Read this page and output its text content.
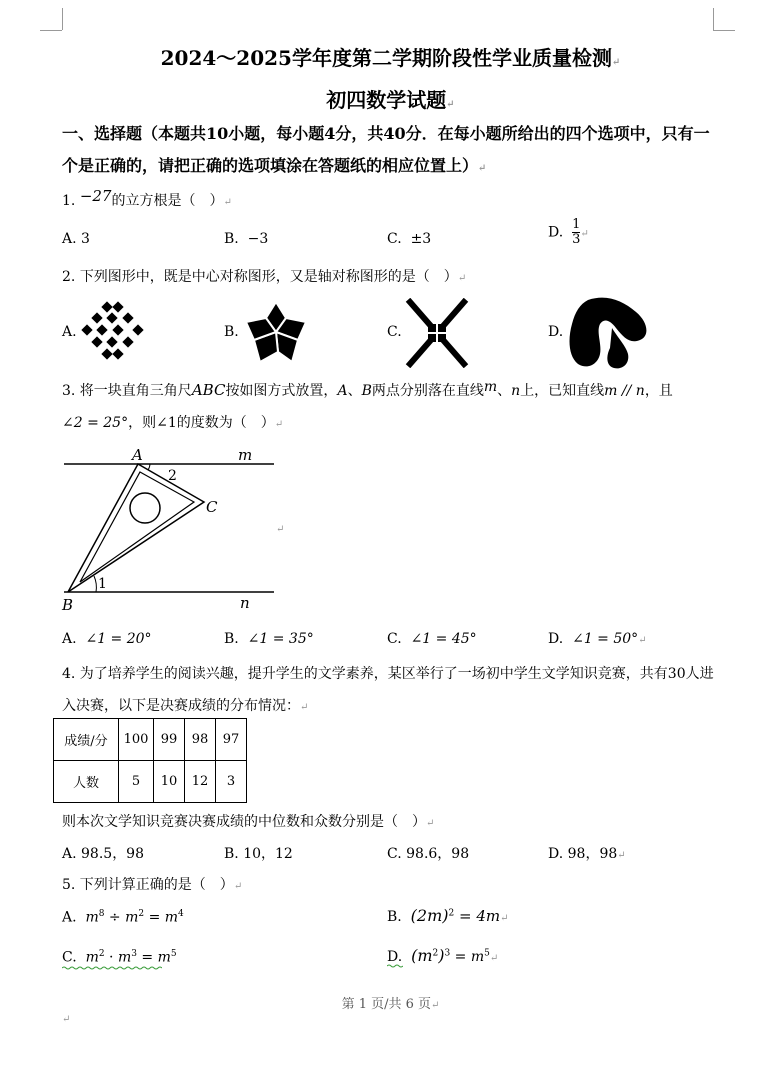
2024～2025学年度第二学期阶段性学业质量检测↵
初四数学试题↵
一、选择题（本题共10小题，每小题4分，共40分．在每小题所给出的四个选项中，只有一个是正确的，请把正确的选项填涂在答题纸的相应位置上）↵
1. −27的立方根是（　）↵
A. 3	B. −3	C. ±3	D. $\frac{1}{3}$ ↵
2. 下列图形中，既是中心对称图形，又是轴对称图形的是（　）↵
A.	B.	C.	D.
3. 将一块直角三角尺ABC按如图方式放置，A、B两点分别落在直线m、n上，已知直线m // n，且
∠2 = 25°，则∠1的度数为（　）↵
A
2
m
C
1
B	n
↵
A. ∠1 = 20°	B. ∠1 = 35°	C. ∠1 = 45°	D. ∠1 = 50°↵
4. 为了培养学生的阅读兴趣，提升学生的文学素养，某区举行了一场初中学生文学知识竞赛，共有30人进
入决赛，以下是决赛成绩的分布情况：↵
成绩/分	100	99	98	97
人数	5	10	12	3
则本次文学知识竞赛决赛成绩的中位数和众数分别是（　）↵
A. 98.5，98	B. 10，12	C. 98.6，98	D. 98，98↵
5. 下列计算正确的是（　）↵
A. $m^8 \div m^2 = m^4$	B. $(2m)^2$ = 4m↵
C. $m^2 \cdot m^3 = m^5$	D. $(m^2)^3$ = $m^5↵$
第 1 页/共 6 页↵
↵
